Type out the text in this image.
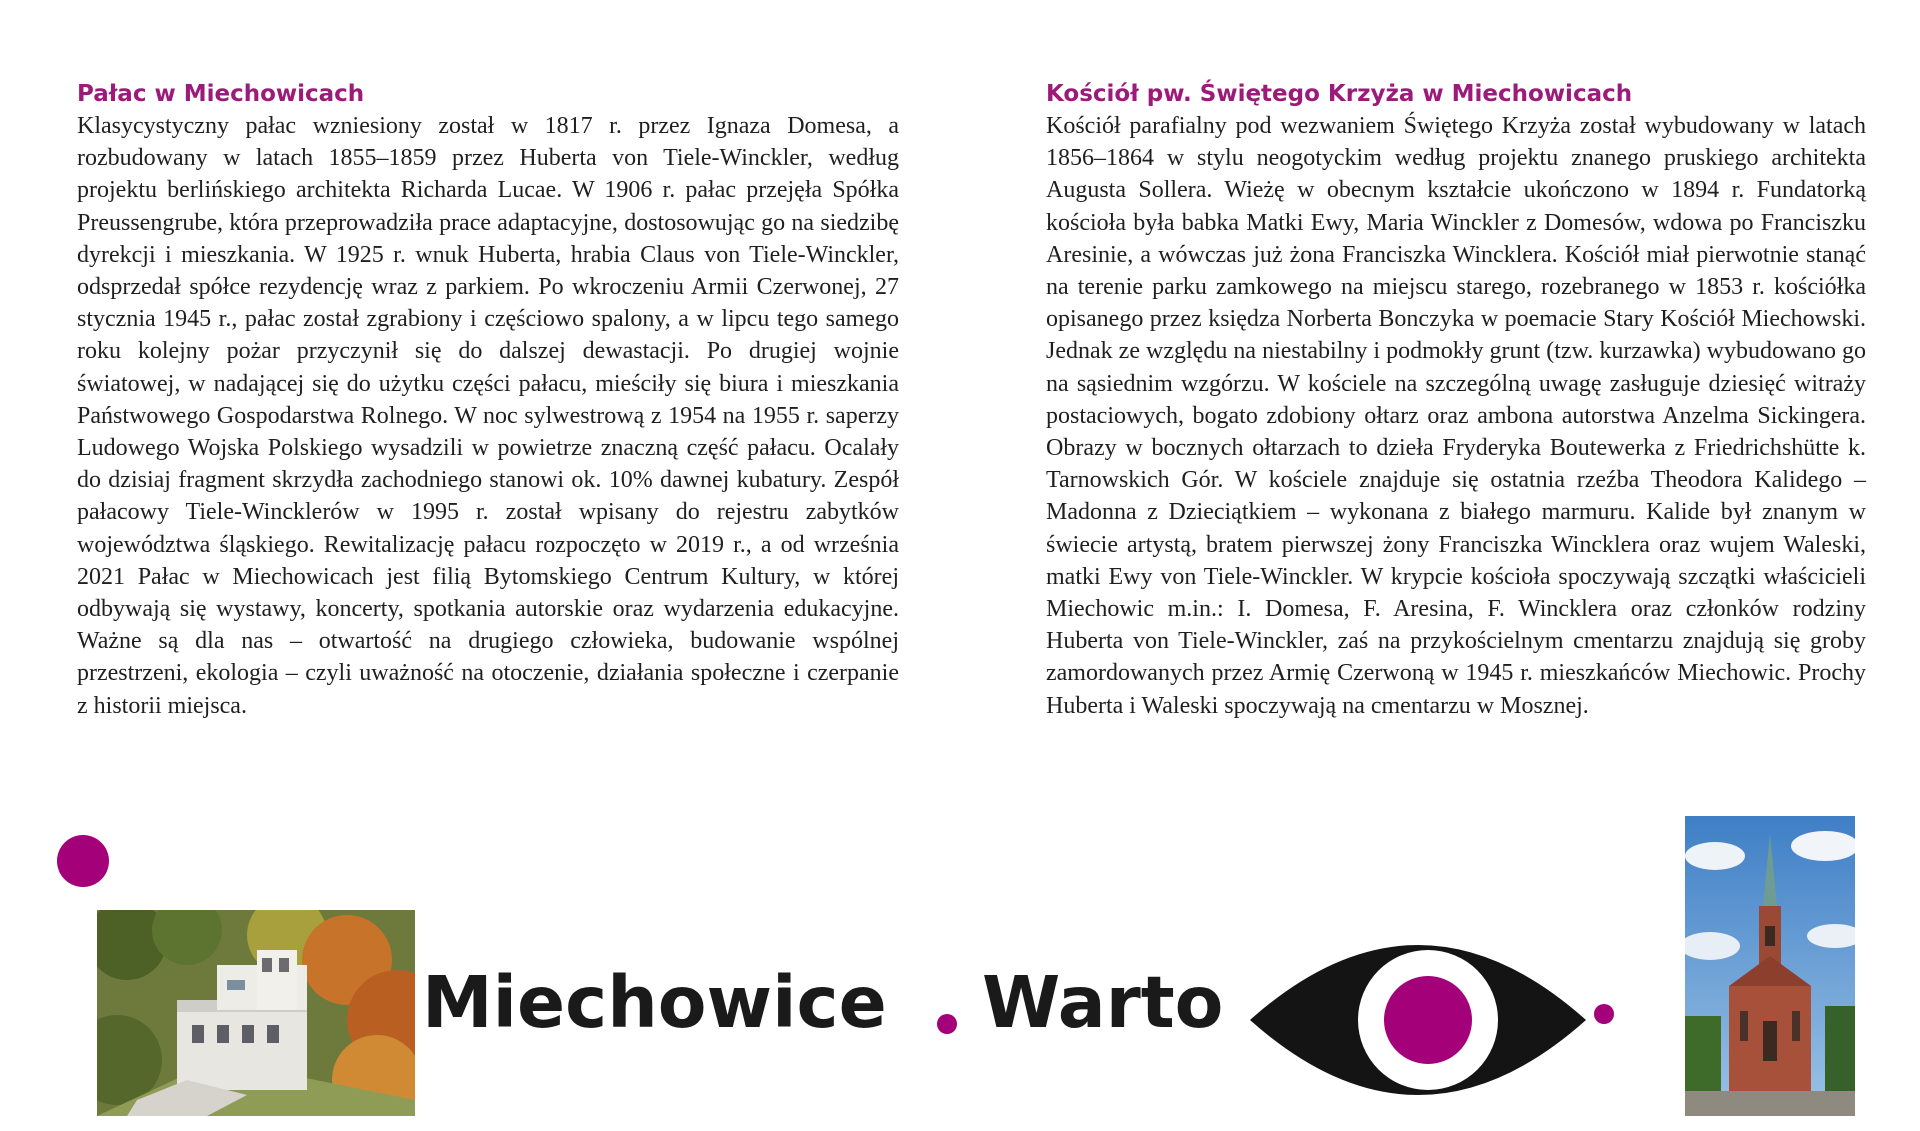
Pałac w Miechowicach

Klasycystyczny pałac wzniesiony został w 1817 r. przez Ignaza Domesa, a rozbudowany w latach 1855–1859 przez Huberta von Tiele-Winckler, według projektu berlińskiego architekta Richarda Lucae. W 1906 r. pałac przejęła Spółka Preussengrube, która przeprowadziła prace adaptacyjne, dostosowując go na siedzibę dyrekcji i mieszkania. W 1925 r. wnuk Huberta, hrabia Claus von Tiele-Winckler, odsprzedał spółce rezydencję wraz z parkiem. Po wkroczeniu Armii Czerwonej, 27 stycznia 1945 r., pałac został zgrabiony i częściowo spalony, a w lipcu tego samego roku kolejny pożar przyczynił się do dalszej dewastacji. Po drugiej wojnie światowej, w nadającej się do użytku części pałacu, mieściły się biura i mieszkania Państwowego Gospodarstwa Rolnego. W noc sylwestrową z 1954 na 1955 r. saperzy Ludowego Wojska Polskiego wysadzili w powietrze znaczną część pałacu. Ocalały do dzisiaj fragment skrzydła zachodniego stanowi ok. 10% dawnej kubatury. Zespół pałacowy Tiele-Wincklerów w 1995 r. został wpisany do rejestru zabytków województwa śląskiego. Rewitalizację pałacu rozpoczęto w 2019 r., a od września 2021 Pałac w Miechowicach jest filią Bytomskiego Centrum Kultury, w której odbywają się wystawy, koncerty, spotkania autorskie oraz wydarzenia edukacyjne. Ważne są dla nas – otwartość na drugiego człowieka, budowanie wspólnej przestrzeni, ekologia – czyli uważność na otoczenie, działania społeczne i czerpanie z historii miejsca.

Kościół pw. Świętego Krzyża w Miechowicach

Kościół parafialny pod wezwaniem Świętego Krzyża został wybudowany w latach 1856–1864 w stylu neogotyckim według projektu znanego pruskiego architekta Augusta Sollera. Wieżę w obecnym kształcie ukończono w 1894 r. Fundatorką kościoła była babka Matki Ewy, Maria Winckler z Domesów, wdowa po Franciszku Aresinie, a wówczas już żona Franciszka Wincklera. Kościół miał pierwotnie stanąć na terenie parku zamkowego na miejscu starego, rozebranego w 1853 r. kościółka opisanego przez księdza Norberta Bonczyka w poemacie Stary Kościół Miechowski. Jednak ze względu na niestabilny i podmokły grunt (tzw. kurzawka) wybudowano go na sąsiednim wzgórzu. W kościele na szczególną uwagę zasługuje dziesięć witraży postaciowych, bogato zdobiony ołtarz oraz ambona autorstwa Anzelma Sickingera. Obrazy w bocznych ołtarzach to dzieła Fryderyka Boutewerka z Friedrichshütte k. Tarnowskich Gór. W kościele znajduje się ostatnia rzeźba Theodora Kalidego – Madonna z Dzieciątkiem – wykonana z białego marmuru. Kalide był znanym w świecie artystą, bratem pierwszej żony Franciszka Wincklera oraz wujem Waleski, matki Ewy von Tiele-Winckler. W krypcie kościoła spoczywają szczątki właścicieli Miechowic m.in.: I. Domesa, F. Aresina, F. Wincklera oraz członków rodziny Huberta von Tiele-Winckler, zaś na przykościelnym cmentarzu znajdują się groby zamordowanych przez Armię Czerwoną w 1945 r. mieszkańców Miechowic. Prochy Huberta i Waleski spoczywają na cmentarzu w Mosznej.

Miechowice Warto
